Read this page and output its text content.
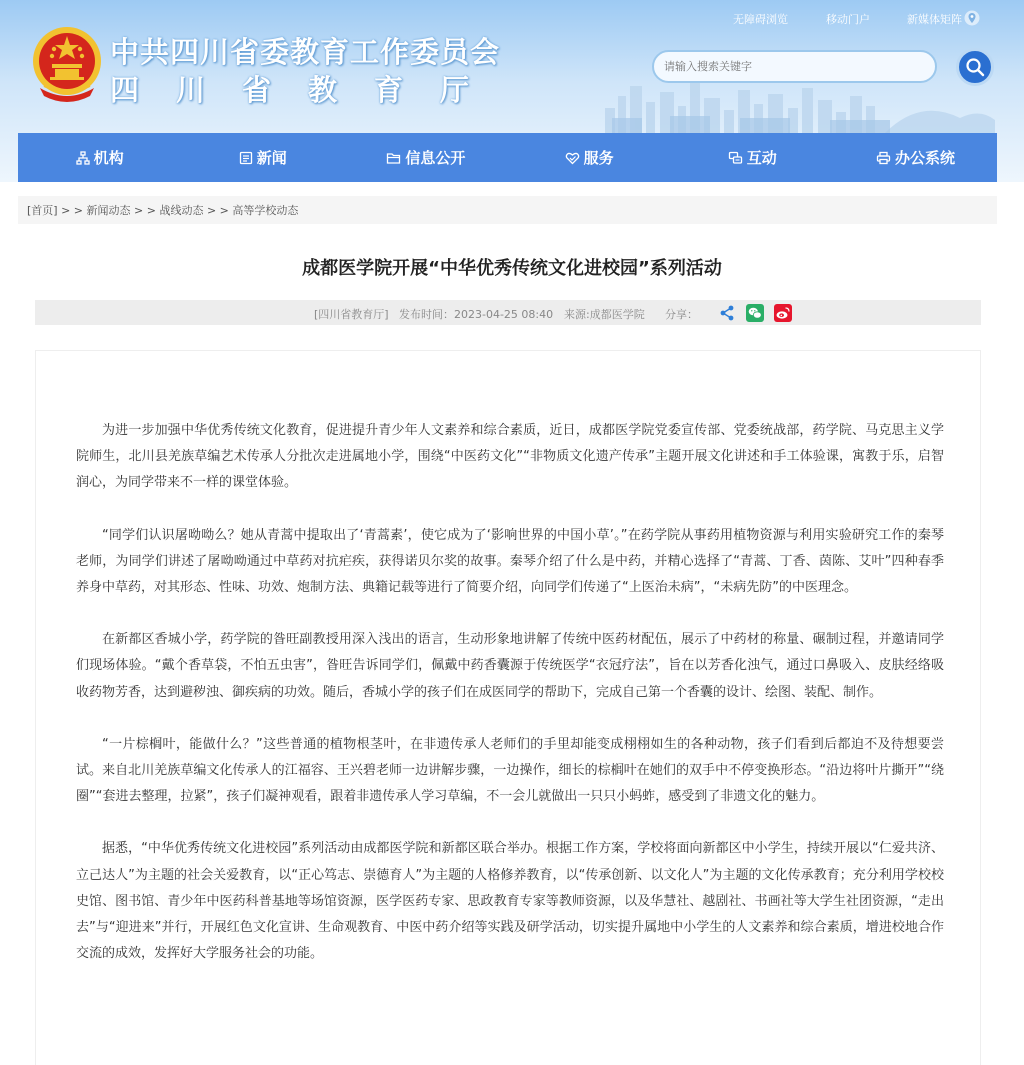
中共四川省委教育工作委员会
四川省教育厅
无障碍浏览	移动门户	新媒体矩阵
请输入搜索关键字
机构	新闻	信息公开	服务	互动	办公系统
[首页] > > 新闻动态 > > 战线动态 > > 高等学校动态
成都医学院开展“中华优秀传统文化进校园”系列活动
[四川省教育厅] 发布时间：2023-04-25 08:40 来源:成都医学院 分享：

为进一步加强中华优秀传统文化教育，促进提升青少年人文素养和综合素质，近日，成都医学院党委宣传部、党委统战部，药学院、马克思主义学院师生，北川县羌族草编艺术传承人分批次走进属地小学，围绕“中医药文化”“非物质文化遗产传承”主题开展文化讲述和手工体验课，寓教于乐，启智润心，为同学带来不一样的课堂体验。

“同学们认识屠呦呦么？她从青蒿中提取出了‘青蒿素’，使它成为了‘影响世界的中国小草’。”在药学院从事药用植物资源与利用实验研究工作的秦琴老师，为同学们讲述了屠呦呦通过中草药对抗疟疾，获得诺贝尔奖的故事。秦琴介绍了什么是中药，并精心选择了“青蒿、丁香、茵陈、艾叶”四种春季养身中草药，对其形态、性味、功效、炮制方法、典籍记载等进行了简要介绍，向同学们传递了“上医治未病”，“未病先防”的中医理念。

在新都区香城小学，药学院的昝旺副教授用深入浅出的语言，生动形象地讲解了传统中医药材配伍，展示了中药材的称量、碾制过程，并邀请同学们现场体验。“戴个香草袋，不怕五虫害”，昝旺告诉同学们，佩戴中药香囊源于传统医学“衣冠疗法”，旨在以芳香化浊气，通过口鼻吸入、皮肤经络吸收药物芳香，达到避秽浊、御疾病的功效。随后，香城小学的孩子们在成医同学的帮助下，完成自己第一个香囊的设计、绘图、装配、制作。

“一片棕榈叶，能做什么？”这些普通的植物根茎叶，在非遗传承人老师们的手里却能变成栩栩如生的各种动物，孩子们看到后都迫不及待想要尝试。来自北川羌族草编文化传承人的江福容、王兴碧老师一边讲解步骤，一边操作，细长的棕榈叶在她们的双手中不停变换形态。“沿边将叶片撕开”“绕圈”“套进去整理，拉紧”，孩子们凝神观看，跟着非遗传承人学习草编，不一会儿就做出一只只小蚂蚱，感受到了非遗文化的魅力。

据悉，“中华优秀传统文化进校园”系列活动由成都医学院和新都区联合举办。根据工作方案，学校将面向新都区中小学生，持续开展以“仁爱共济、立己达人”为主题的社会关爱教育，以“正心笃志、崇德育人”为主题的人格修养教育，以“传承创新、以文化人”为主题的文化传承教育；充分利用学校校史馆、图书馆、青少年中医药科普基地等场馆资源，医学医药专家、思政教育专家等教师资源，以及华慧社、越剧社、书画社等大学生社团资源，“走出去”与“迎进来”并行，开展红色文化宣讲、生命观教育、中医中药介绍等实践及研学活动，切实提升属地中小学生的人文素养和综合素质，增进校地合作交流的成效，发挥好大学服务社会的功能。
